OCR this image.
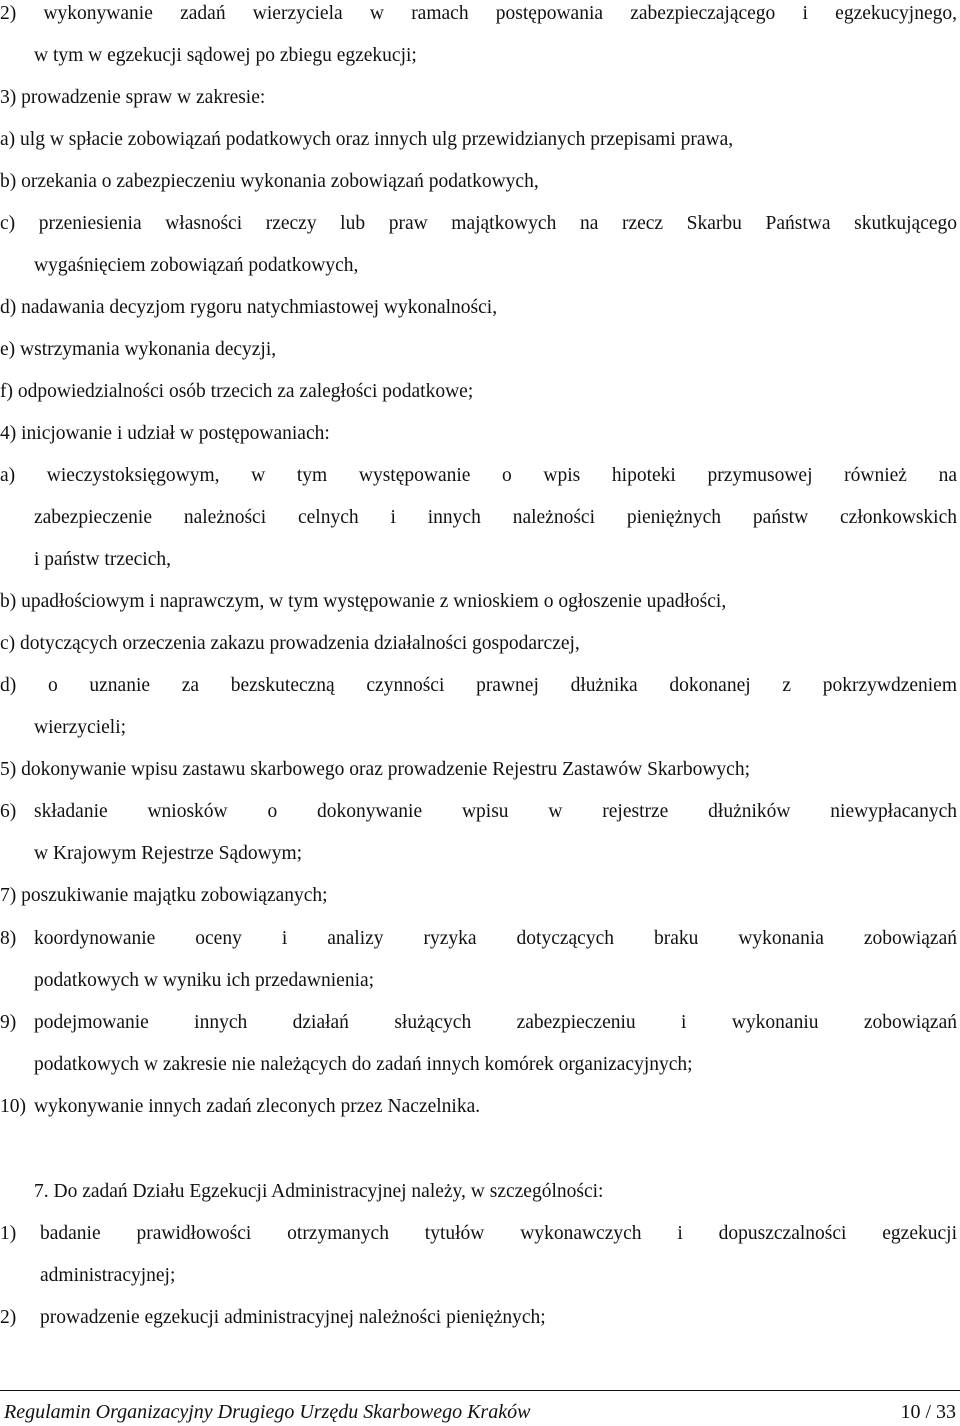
2) wykonywanie zadań wierzyciela w ramach postępowania zabezpieczającego i egzekucyjnego,
w tym w egzekucji sądowej po zbiegu egzekucji;
3) prowadzenie spraw w zakresie:
a) ulg w spłacie zobowiązań podatkowych oraz innych ulg przewidzianych przepisami prawa,
b) orzekania o zabezpieczeniu wykonania zobowiązań podatkowych,
c) przeniesienia własności rzeczy lub praw majątkowych na rzecz Skarbu Państwa skutkującego
wygaśnięciem zobowiązań podatkowych,
d) nadawania decyzjom rygoru natychmiastowej wykonalności,
e) wstrzymania wykonania decyzji,
f) odpowiedzialności osób trzecich za zaległości podatkowe;
4) inicjowanie i udział w postępowaniach:
a) wieczystoksięgowym, w tym występowanie o wpis hipoteki przymusowej również na
zabezpieczenie należności celnych i innych należności pieniężnych państw członkowskich
i państw trzecich,
b) upadłościowym i naprawczym, w tym występowanie z wnioskiem o ogłoszenie upadłości,
c) dotyczących orzeczenia zakazu prowadzenia działalności gospodarczej,
d) o uznanie za bezskuteczną czynności prawnej dłużnika dokonanej z pokrzywdzeniem
wierzycieli;
5) dokonywanie wpisu zastawu skarbowego oraz prowadzenie Rejestru Zastawów Skarbowych;
6) składanie wniosków o dokonywanie wpisu w rejestrze dłużników niewypłacanych
w Krajowym Rejestrze Sądowym;
7) poszukiwanie majątku zobowiązanych;
8) koordynowanie oceny i analizy ryzyka dotyczących braku wykonania zobowiązań
podatkowych w wyniku ich przedawnienia;
9) podejmowanie innych działań służących zabezpieczeniu i wykonaniu zobowiązań
podatkowych w zakresie nie należących do zadań innych komórek organizacyjnych;
10) wykonywanie innych zadań zleconych przez Naczelnika.
7. Do zadań Działu Egzekucji Administracyjnej należy, w szczególności:
1)	badanie prawidłowości otrzymanych tytułów wykonawczych i dopuszczalności egzekucji
administracyjnej;
2)	prowadzenie egzekucji administracyjnej należności pieniężnych;
Regulamin Organizacyjny Drugiego Urzędu Skarbowego Kraków	10 / 33
